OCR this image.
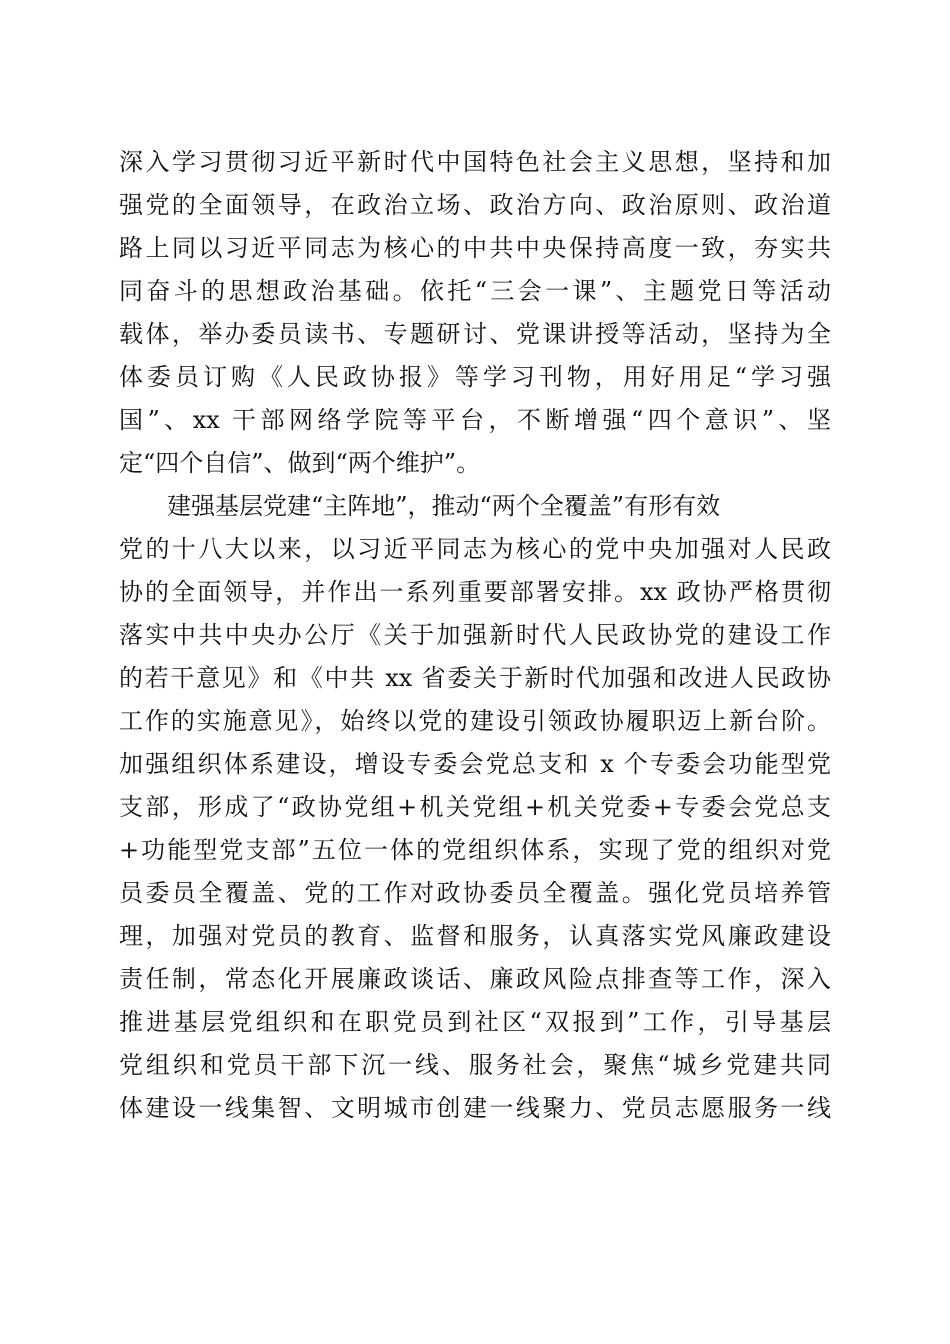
深入学习贯彻习近平新时代中国特色社会主义思想，坚持和加
强党的全面领导，在政治立场、政治方向、政治原则、政治道
路上同以习近平同志为核心的中共中央保持高度一致，夯实共
同奋斗的思想政治基础。依托“三会一课”、主题党日等活动
载体，举办委员读书、专题研讨、党课讲授等活动，坚持为全
体委员订购《人民政协报》等学习刊物，用好用足“学习强
国”、xx 干部网络学院等平台，不断增强“四个意识”、坚
定“四个自信”、做到“两个维护”。
建强基层党建“主阵地”，推动“两个全覆盖”有形有效
党的十八大以来，以习近平同志为核心的党中央加强对人民政
协的全面领导，并作出一系列重要部署安排。xx 政协严格贯彻
落实中共中央办公厅《关于加强新时代人民政协党的建设工作
的若干意见》和《中共 xx 省委关于新时代加强和改进人民政协
工作的实施意见》，始终以党的建设引领政协履职迈上新台阶。
加强组织体系建设，增设专委会党总支和 x 个专委会功能型党
支部，形成了“政协党组+机关党组+机关党委+专委会党总支
+功能型党支部”五位一体的党组织体系，实现了党的组织对党
员委员全覆盖、党的工作对政协委员全覆盖。强化党员培养管
理，加强对党员的教育、监督和服务，认真落实党风廉政建设
责任制，常态化开展廉政谈话、廉政风险点排查等工作，深入
推进基层党组织和在职党员到社区“双报到”工作，引导基层
党组织和党员干部下沉一线、服务社会，聚焦“城乡党建共同
体建设一线集智、文明城市创建一线聚力、党员志愿服务一线
